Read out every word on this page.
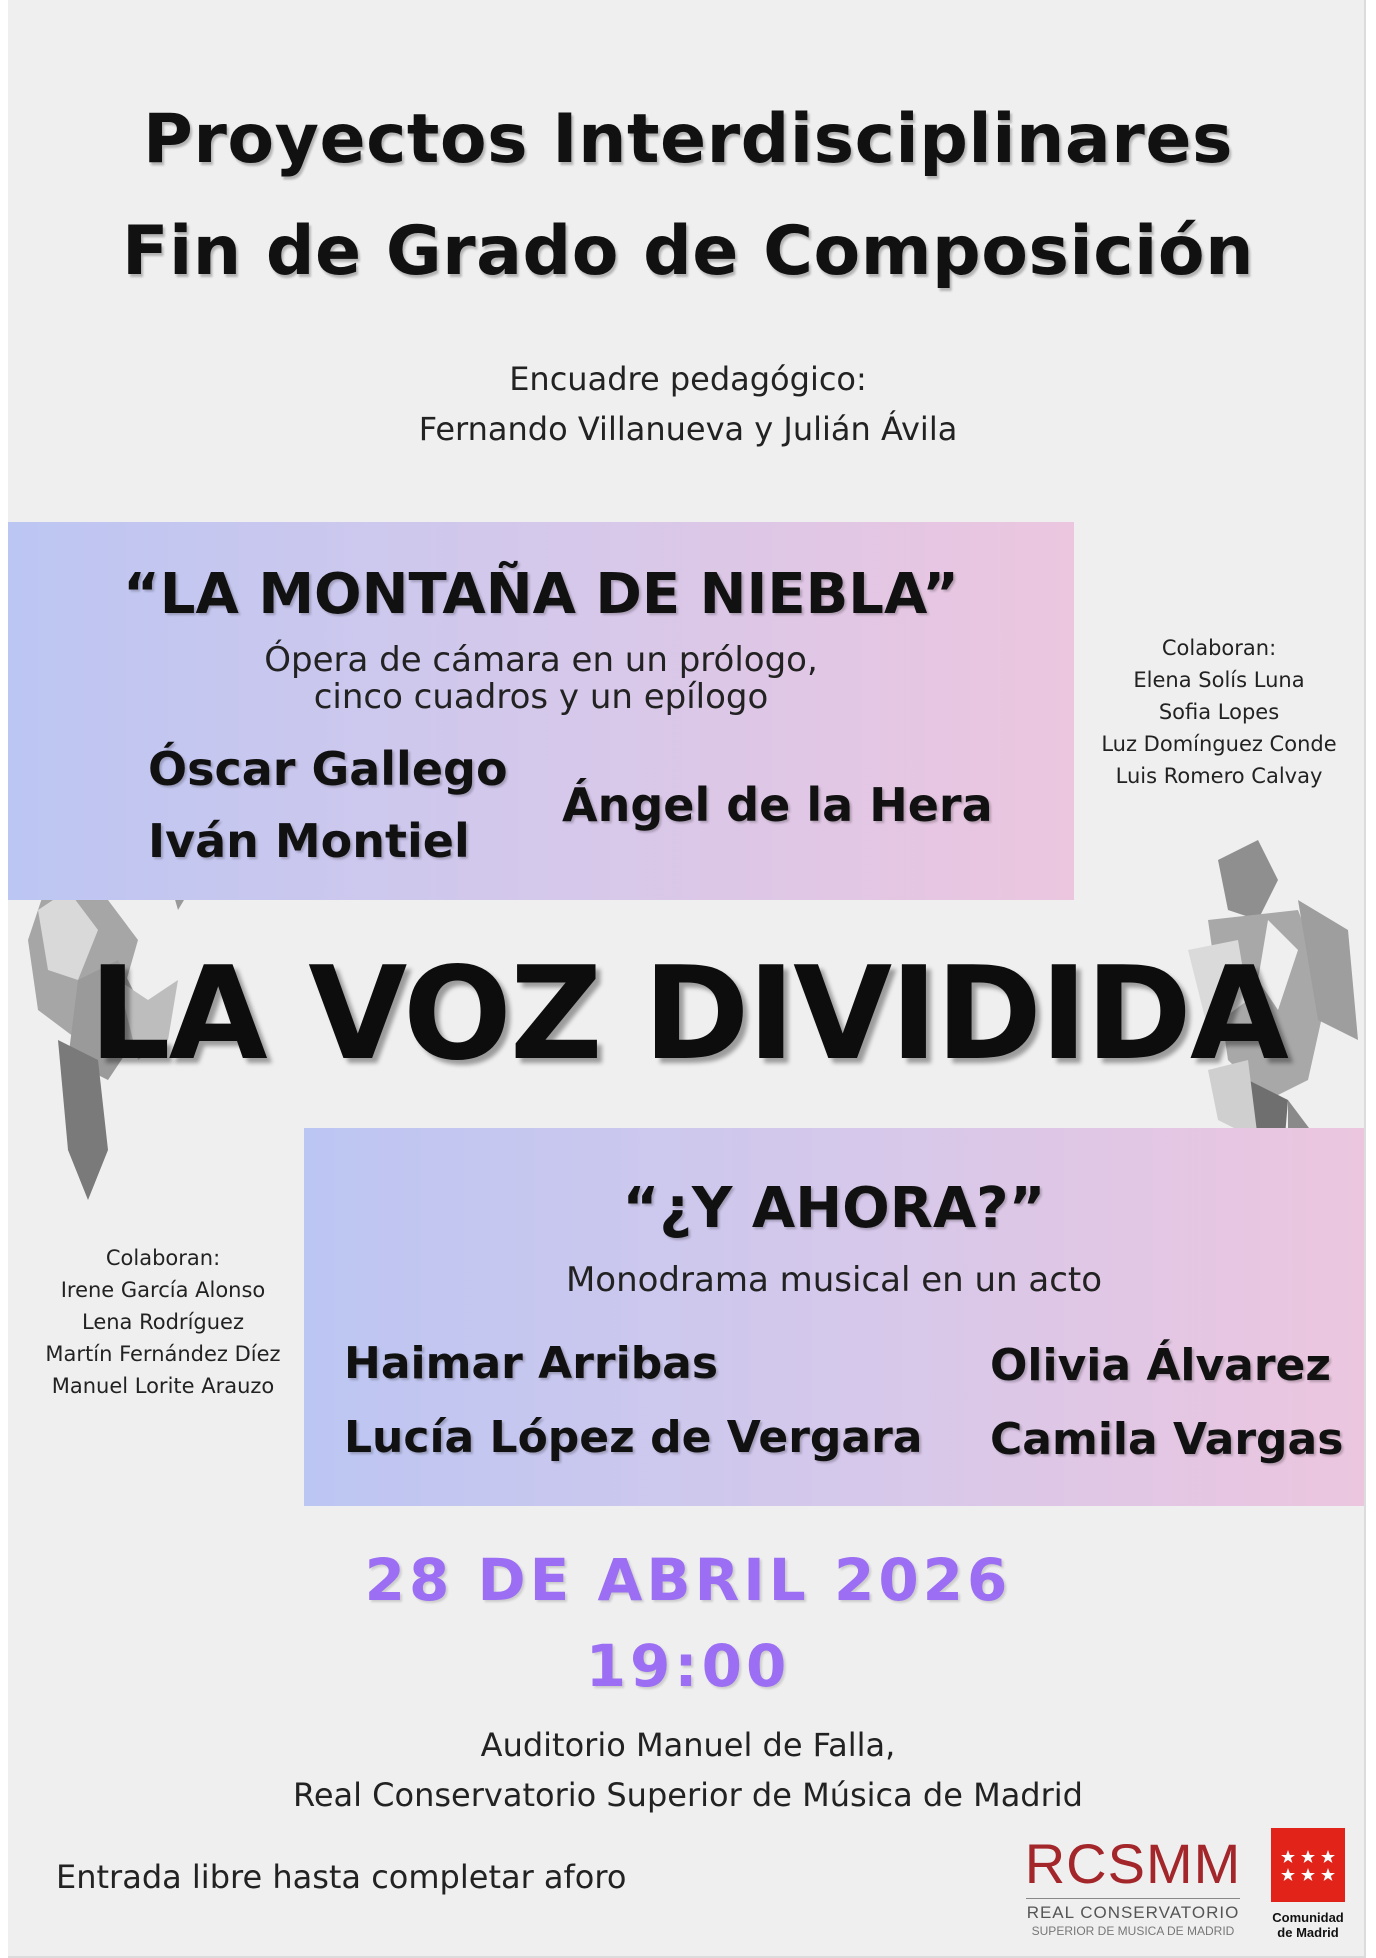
Proyectos Interdisciplinares
Fin de Grado de Composición
Encuadre pedagógico:
Fernando Villanueva y Julián Ávila
“LA MONTAÑA DE NIEBLA”
Ópera de cámara en un prólogo,
cinco cuadros y un epílogo
Óscar Gallego
Iván Montiel
Ángel de la Hera
Colaboran:
Elena Solís Luna
Sofia Lopes
Luz Domínguez Conde
Luis Romero Calvay
LA VOZ DIVIDIDA
“¿Y AHORA?”
Monodrama musical en un acto
Haimar Arribas
Lucía López de Vergara
Olivia Álvarez
Camila Vargas
Colaboran:
Irene García Alonso
Lena Rodríguez
Martín Fernández Díez
Manuel Lorite Arauzo
28 DE ABRIL 2026
19:00
Auditorio Manuel de Falla,
Real Conservatorio Superior de Música de Madrid
Entrada libre hasta completar aforo	RCSMM
REAL CONSERVATORIO
SUPERIOR DE MUSICA DE MADRID
Comunidad
de Madrid
